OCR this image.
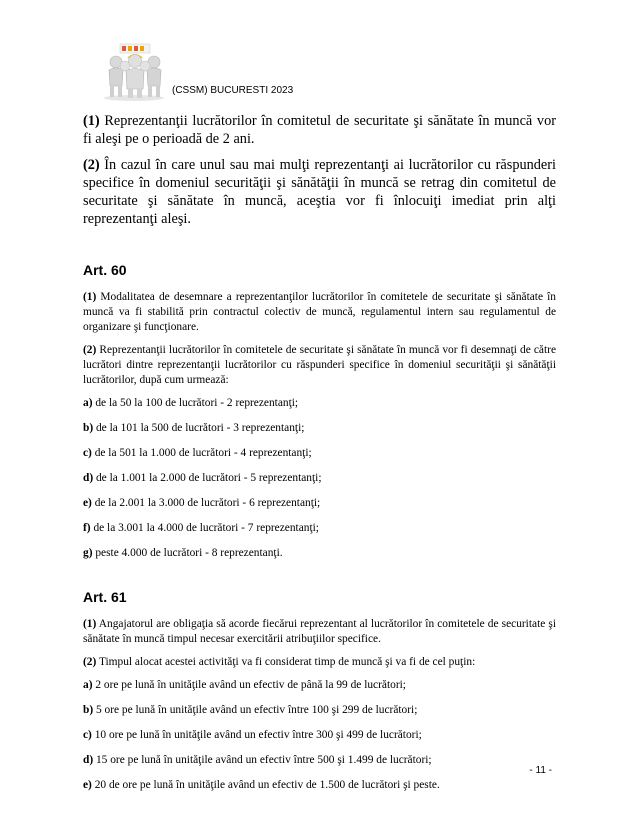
(CSSM) BUCURESTI 2023

(1) Reprezentanţii lucrătorilor în comitetul de securitate şi sănătate în muncă vor fi aleşi pe o perioadă de 2 ani.

(2) În cazul în care unul sau mai mulţi reprezentanţi ai lucrătorilor cu răspunderi specifice în domeniul securităţii şi sănătăţii în muncă se retrag din comitetul de securitate şi sănătate în muncă, aceştia vor fi înlocuiţi imediat prin alţi reprezentanţi aleşi.

Art. 60

(1) Modalitatea de desemnare a reprezentanţilor lucrătorilor în comitetele de securitate şi sănătate în muncă va fi stabilită prin contractul colectiv de muncă, regulamentul intern sau regulamentul de organizare şi funcţionare.

(2) Reprezentanţii lucrătorilor în comitetele de securitate şi sănătate în muncă vor fi desemnaţi de către lucrători dintre reprezentanţii lucrătorilor cu răspunderi specifice în domeniul securităţii şi sănătăţii lucrătorilor, după cum urmează:

a) de la 50 la 100 de lucrători - 2 reprezentanţi;

b) de la 101 la 500 de lucrători - 3 reprezentanţi;

c) de la 501 la 1.000 de lucrători - 4 reprezentanţi;

d) de la 1.001 la 2.000 de lucrători - 5 reprezentanţi;

e) de la 2.001 la 3.000 de lucrători - 6 reprezentanţi;

f) de la 3.001 la 4.000 de lucrători - 7 reprezentanţi;

g) peste 4.000 de lucrători - 8 reprezentanţi.

Art. 61

(1) Angajatorul are obligaţia să acorde fiecărui reprezentant al lucrătorilor în comitetele de securitate şi sănătate în muncă timpul necesar exercitării atribuţiilor specifice.

(2) Timpul alocat acestei activităţi va fi considerat timp de muncă şi va fi de cel puţin:

a) 2 ore pe lună în unităţile având un efectiv de până la 99 de lucrători;

b) 5 ore pe lună în unităţile având un efectiv între 100 şi 299 de lucrători;

c) 10 ore pe lună în unităţile având un efectiv între 300 şi 499 de lucrători;

d) 15 ore pe lună în unităţile având un efectiv între 500 şi 1.499 de lucrători;

e) 20 de ore pe lună în unităţile având un efectiv de 1.500 de lucrători şi peste.

- 11 -
